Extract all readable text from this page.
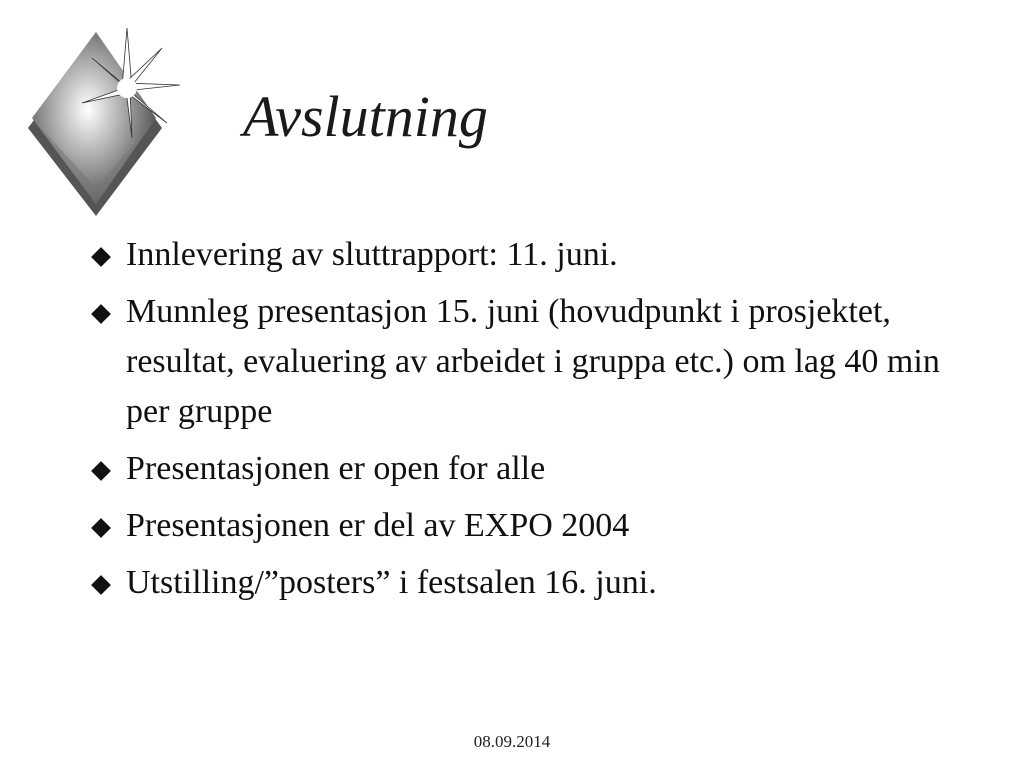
Avslutning
Innlevering av sluttrapport: 11. juni.
Munnleg presentasjon 15. juni (hovudpunkt i prosjektet, resultat, evaluering av arbeidet i gruppa etc.) om lag 40 min per gruppe
Presentasjonen er open for alle
Presentasjonen er del av EXPO 2004
Utstilling/”posters” i festsalen 16. juni.
08.09.2014
